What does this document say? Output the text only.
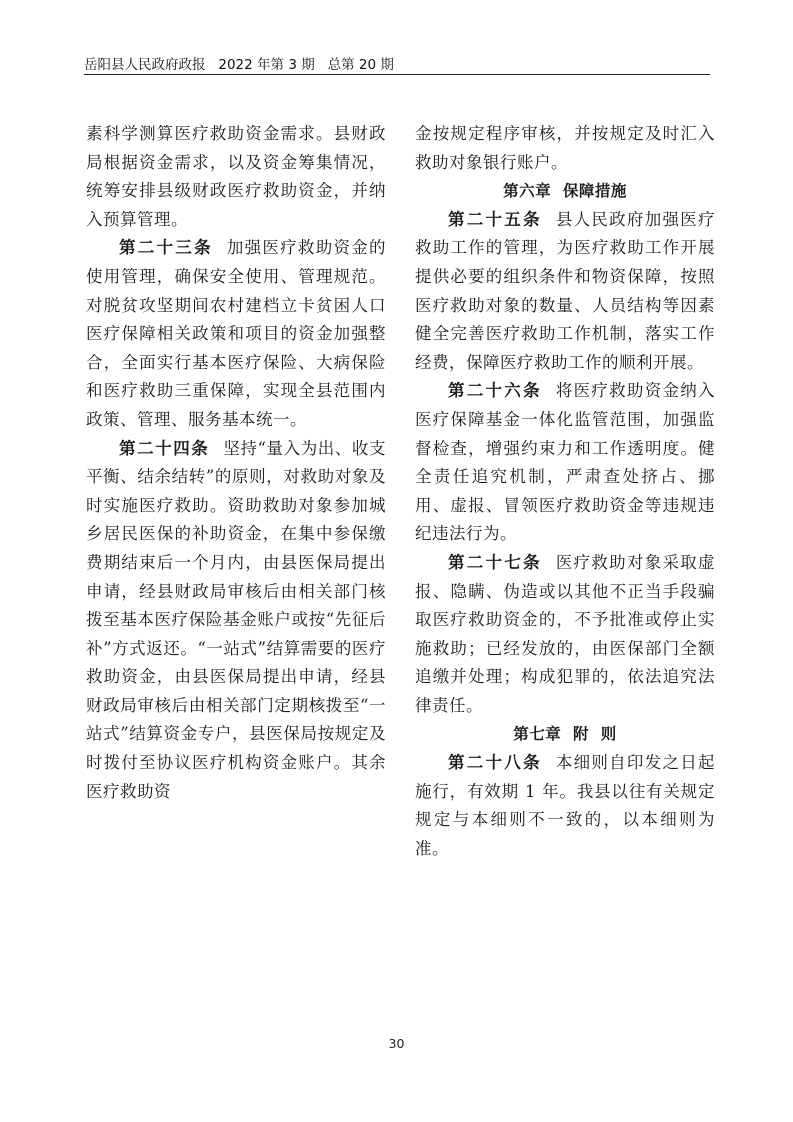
岳阳县人民政府政报 2022 年第 3 期 总第 20 期

素科学测算医疗救助资金需求。县财政局根据资金需求，以及资金筹集情况，统筹安排县级财政医疗救助资金，并纳入预算管理。

第二十三条 加强医疗救助资金的使用管理，确保安全使用、管理规范。对脱贫攻坚期间农村建档立卡贫困人口医疗保障相关政策和项目的资金加强整合，全面实行基本医疗保险、大病保险和医疗救助三重保障，实现全县范围内政策、管理、服务基本统一。

第二十四条 坚持“量入为出、收支平衡、结余结转”的原则，对救助对象及时实施医疗救助。资助救助对象参加城乡居民医保的补助资金，在集中参保缴费期结束后一个月内，由县医保局提出申请，经县财政局审核后由相关部门核拨至基本医疗保险基金账户或按“先征后补”方式返还。“一站式”结算需要的医疗救助资金，由县医保局提出申请，经县财政局审核后由相关部门定期核拨至“一站式”结算资金专户，县医保局按规定及时拨付至协议医疗机构资金账户。其余医疗救助资

金按规定程序审核，并按规定及时汇入救助对象银行账户。

第六章  保障措施

第二十五条 县人民政府加强医疗救助工作的管理，为医疗救助工作开展提供必要的组织条件和物资保障，按照医疗救助对象的数量、人员结构等因素健全完善医疗救助工作机制，落实工作经费，保障医疗救助工作的顺利开展。

第二十六条 将医疗救助资金纳入医疗保障基金一体化监管范围，加强监督检查，增强约束力和工作透明度。健全责任追究机制，严肃查处挤占、挪用、虚报、冒领医疗救助资金等违规违纪违法行为。

第二十七条 医疗救助对象采取虚报、隐瞒、伪造或以其他不正当手段骗取医疗救助资金的，不予批准或停止实施救助；已经发放的，由医保部门全额追缴并处理；构成犯罪的，依法追究法律责任。

第七章  附  则

第二十八条 本细则自印发之日起施行，有效期 1 年。我县以往有关规定规定与本细则不一致的，以本细则为准。

30
